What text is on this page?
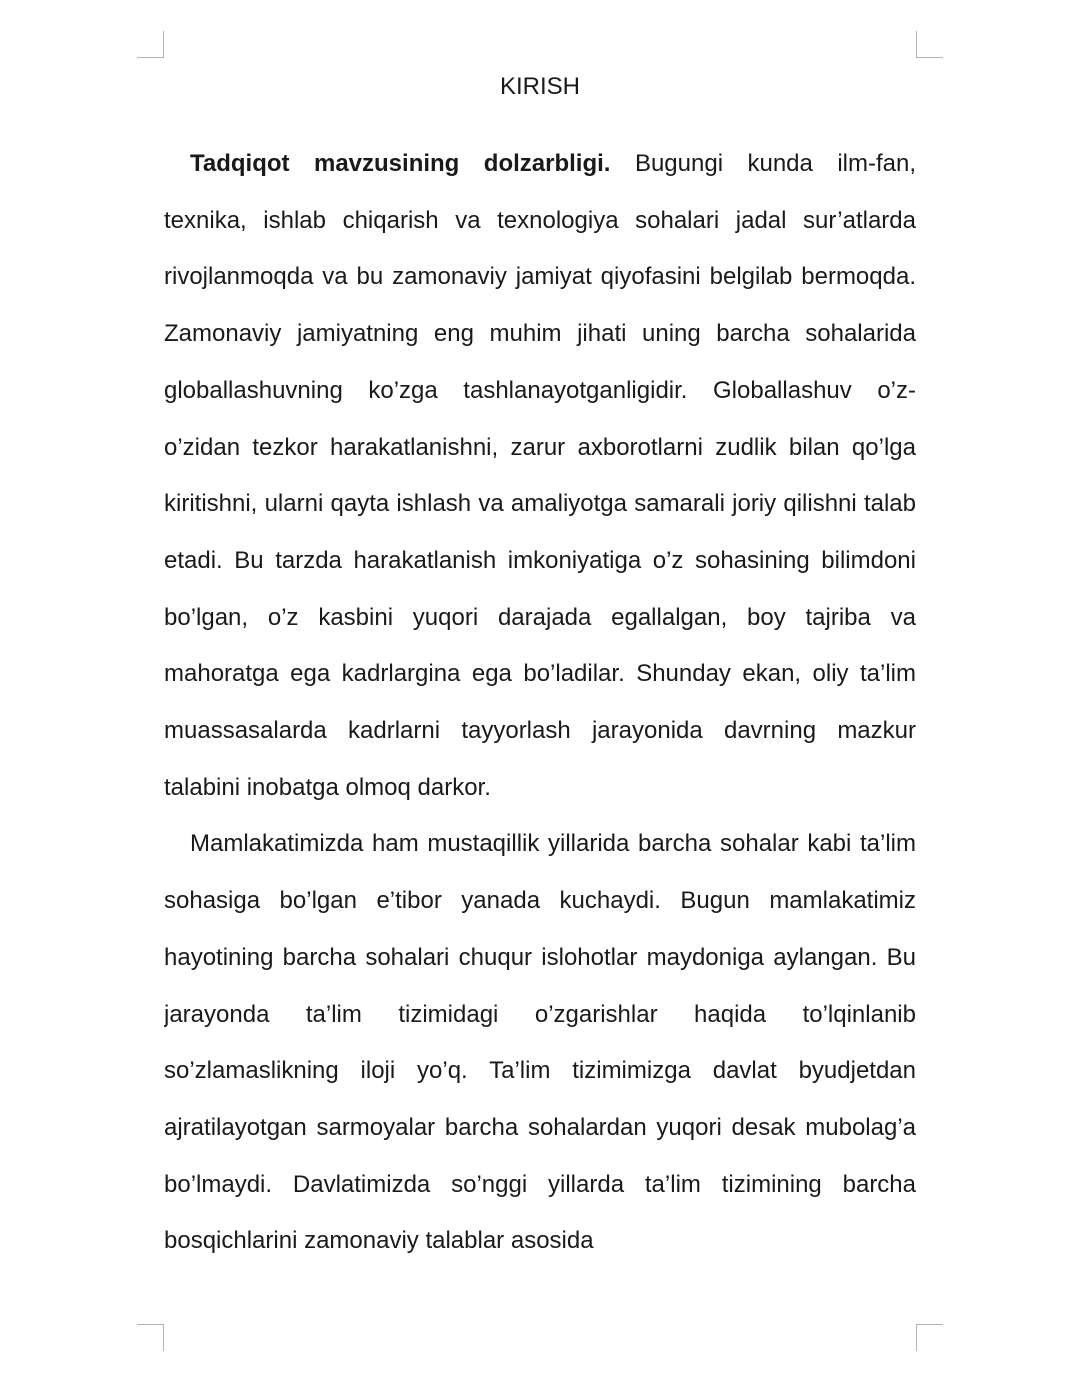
KIRISH

Tadqiqot mavzusining dolzarbligi. Bugungi kunda ilm-fan, texnika, ishlab chiqarish va texnologiya sohalari jadal sur’atlarda rivojlanmoqda va bu zamonaviy jamiyat qiyofasini belgilab bermoqda. Zamonaviy jamiyatning eng muhim jihati uning barcha sohalarida globallashuvning ko’zga tashlanayotganligidir. Globallashuv o’z-o’zidan tezkor harakatlanishni, zarur axborotlarni zudlik bilan qo’lga kiritishni, ularni qayta ishlash va amaliyotga samarali joriy qilishni talab etadi. Bu tarzda harakatlanish imkoniyatiga o’z sohasining bilimdoni bo’lgan, o’z kasbini yuqori darajada egallalgan, boy tajriba va mahoratga ega kadrlargina ega bo’ladilar. Shunday ekan, oliy ta’lim muassasalarda kadrlarni tayyorlash jarayonida davrning mazkur talabini inobatga olmoq darkor.

Mamlakatimizda ham mustaqillik yillarida barcha sohalar kabi ta’lim sohasiga bo’lgan e’tibor yanada kuchaydi. Bugun mamlakatimiz hayotining barcha sohalari chuqur islohotlar maydoniga aylangan. Bu jarayonda ta’lim tizimidagi o’zgarishlar haqida to’lqinlanib so’zlamaslikning iloji yo’q. Ta’lim tizimimizga davlat byudjetdan ajratilayotgan sarmoyalar barcha sohalardan yuqori desak mubolag’a bo’lmaydi. Davlatimizda so’nggi yillarda ta’lim tizimining barcha bosqichlarini zamonaviy talablar asosida
